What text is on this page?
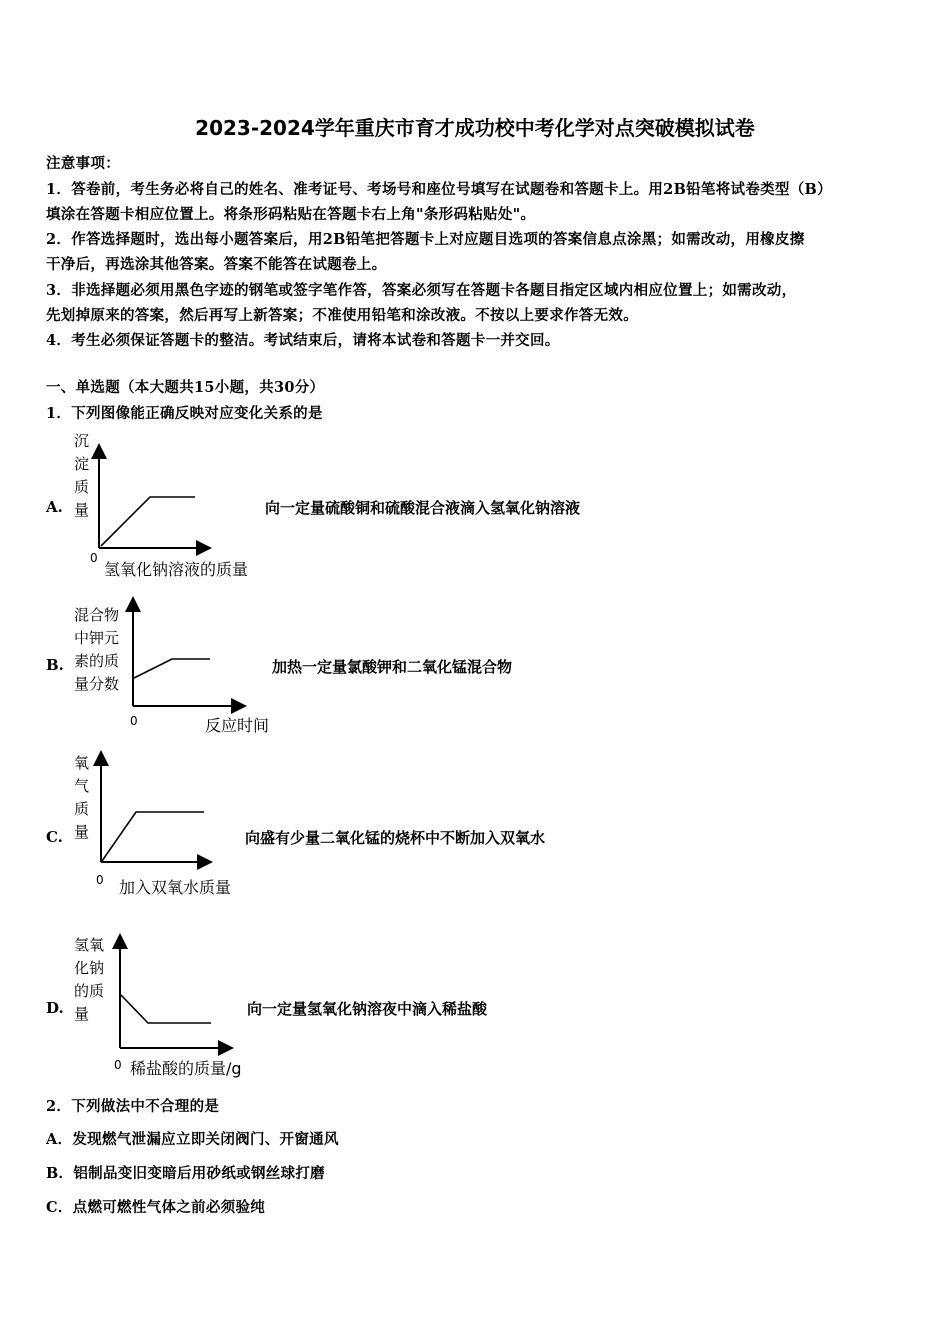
2023-2024学年重庆市育才成功校中考化学对点突破模拟试卷
注意事项：
1．答卷前，考生务必将自己的姓名、准考证号、考场号和座位号填写在试题卷和答题卡上。用2B铅笔将试卷类型（B）
填涂在答题卡相应位置上。将条形码粘贴在答题卡右上角"条形码粘贴处"。
2．作答选择题时，选出每小题答案后，用2B铅笔把答题卡上对应题目选项的答案信息点涂黑；如需改动，用橡皮擦
干净后，再选涂其他答案。答案不能答在试题卷上。
3．非选择题必须用黑色字迹的钢笔或签字笔作答，答案必须写在答题卡各题目指定区域内相应位置上；如需改动，
先划掉原来的答案，然后再写上新答案；不准使用铅笔和涂改液。不按以上要求作答无效。
4．考生必须保证答题卡的整洁。考试结束后，请将本试卷和答题卡一并交回。
一、单选题（本大题共15小题，共30分）
1．下列图像能正确反映对应变化关系的是
A.
沉淀质量
0
氢氧化钠溶液的质量
向一定量硫酸铜和硫酸混合液滴入氢氧化钠溶液
B.
混合物中钾元素的质量分数
0	反应时间
加热一定量氯酸钾和二氧化锰混合物
C.
氧气质量
0 加入双氧水质量
向盛有少量二氧化锰的烧杯中不断加入双氧水
D.
氢氧化钠的质量
0 稀盐酸的质量/g
向一定量氢氧化钠溶夜中滴入稀盐酸
2．下列做法中不合理的是
A．发现燃气泄漏应立即关闭阀门、开窗通风
B．铝制品变旧变暗后用砂纸或钢丝球打磨
C．点燃可燃性气体之前必须验纯
